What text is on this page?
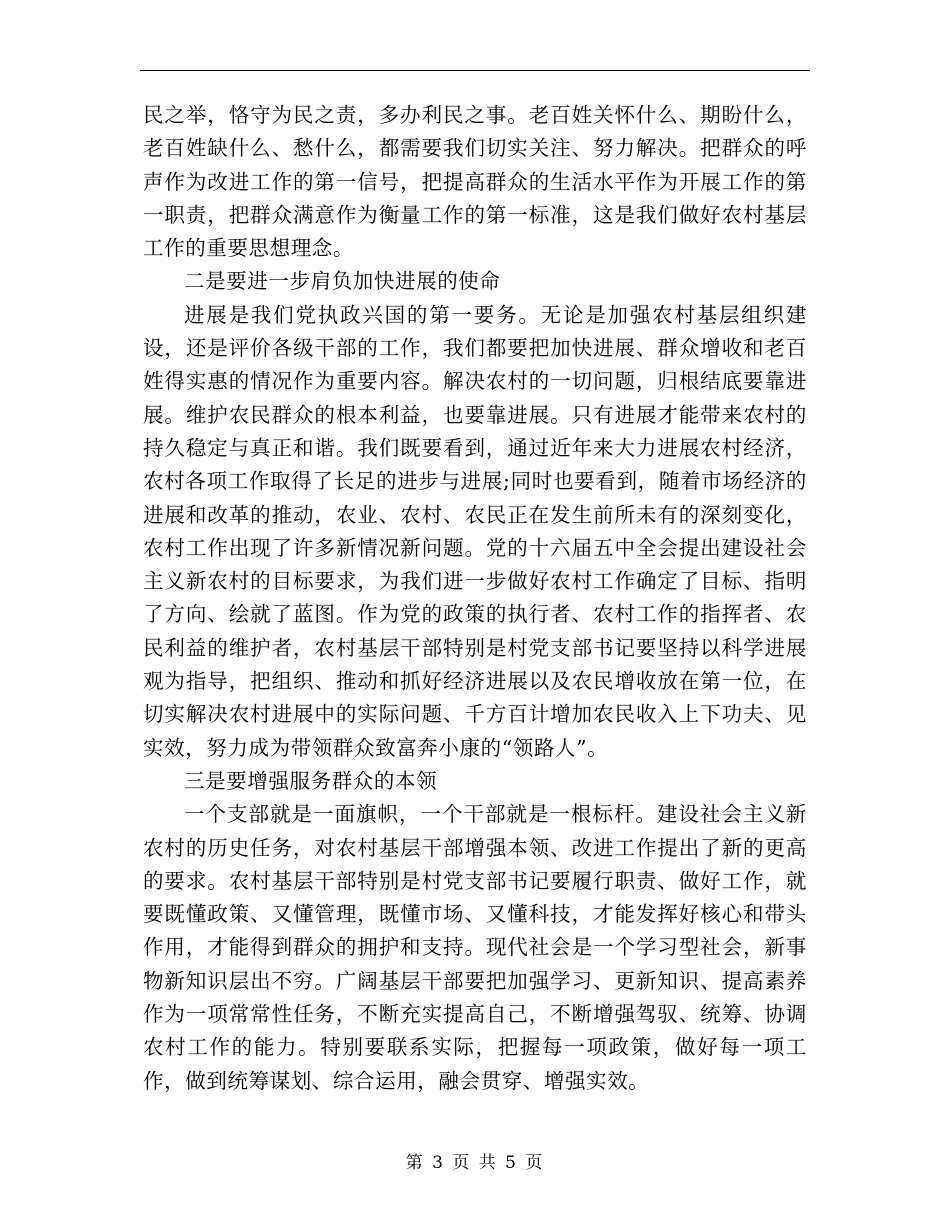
民之举，恪守为民之责，多办利民之事。老百姓关怀什么、期盼什么，老百姓缺什么、愁什么，都需要我们切实关注、努力解决。把群众的呼声作为改进工作的第一信号，把提高群众的生活水平作为开展工作的第一职责，把群众满意作为衡量工作的第一标准，这是我们做好农村基层工作的重要思想理念。

二是要进一步肩负加快进展的使命

进展是我们党执政兴国的第一要务。无论是加强农村基层组织建设，还是评价各级干部的工作，我们都要把加快进展、群众增收和老百姓得实惠的情况作为重要内容。解决农村的一切问题，归根结底要靠进展。维护农民群众的根本利益，也要靠进展。只有进展才能带来农村的持久稳定与真正和谐。我们既要看到，通过近年来大力进展农村经济，农村各项工作取得了长足的进步与进展;同时也要看到，随着市场经济的进展和改革的推动，农业、农村、农民正在发生前所未有的深刻变化，农村工作出现了许多新情况新问题。党的十六届五中全会提出建设社会主义新农村的目标要求，为我们进一步做好农村工作确定了目标、指明了方向、绘就了蓝图。作为党的政策的执行者、农村工作的指挥者、农民利益的维护者，农村基层干部特别是村党支部书记要坚持以科学进展观为指导，把组织、推动和抓好经济进展以及农民增收放在第一位，在切实解决农村进展中的实际问题、千方百计增加农民收入上下功夫、见实效，努力成为带领群众致富奔小康的“领路人”。

三是要增强服务群众的本领

一个支部就是一面旗帜，一个干部就是一根标杆。建设社会主义新农村的历史任务，对农村基层干部增强本领、改进工作提出了新的更高的要求。农村基层干部特别是村党支部书记要履行职责、做好工作，就要既懂政策、又懂管理，既懂市场、又懂科技，才能发挥好核心和带头作用，才能得到群众的拥护和支持。现代社会是一个学习型社会，新事物新知识层出不穷。广阔基层干部要把加强学习、更新知识、提高素养作为一项常常性任务，不断充实提高自己，不断增强驾驭、统筹、协调农村工作的能力。特别要联系实际，把握每一项政策，做好每一项工作，做到统筹谋划、综合运用，融会贯穿、增强实效。

第 3 页 共 5 页
